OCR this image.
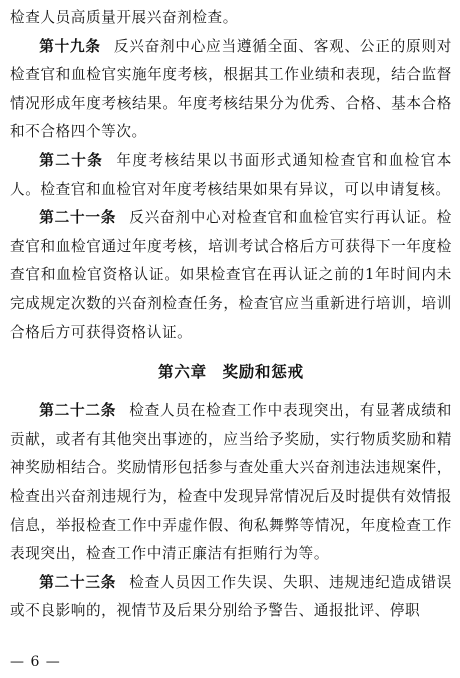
检查人员高质量开展兴奋剂检查。

第十九条 反兴奋剂中心应当遵循全面、客观、公正的原则对检查官和血检官实施年度考核，根据其工作业绩和表现，结合监督情况形成年度考核结果。年度考核结果分为优秀、合格、基本合格和不合格四个等次。

第二十条 年度考核结果以书面形式通知检查官和血检官本人。检查官和血检官对年度考核结果如果有异议，可以申请复核。

第二十一条 反兴奋剂中心对检查官和血检官实行再认证。检查官和血检官通过年度考核，培训考试合格后方可获得下一年度检查官和血检官资格认证。如果检查官在再认证之前的1年时间内未完成规定次数的兴奋剂检查任务，检查官应当重新进行培训，培训合格后方可获得资格认证。

第六章 奖励和惩戒

第二十二条 检查人员在检查工作中表现突出，有显著成绩和贡献，或者有其他突出事迹的，应当给予奖励，实行物质奖励和精神奖励相结合。奖励情形包括参与查处重大兴奋剂违法违规案件，检查出兴奋剂违规行为，检查中发现异常情况后及时提供有效情报信息，举报检查工作中弄虚作假、徇私舞弊等情况，年度检查工作表现突出，检查工作中清正廉洁有拒贿行为等。

第二十三条 检查人员因工作失误、失职、违规违纪造成错误或不良影响的，视情节及后果分别给予警告、通报批评、停职

— 6 —
